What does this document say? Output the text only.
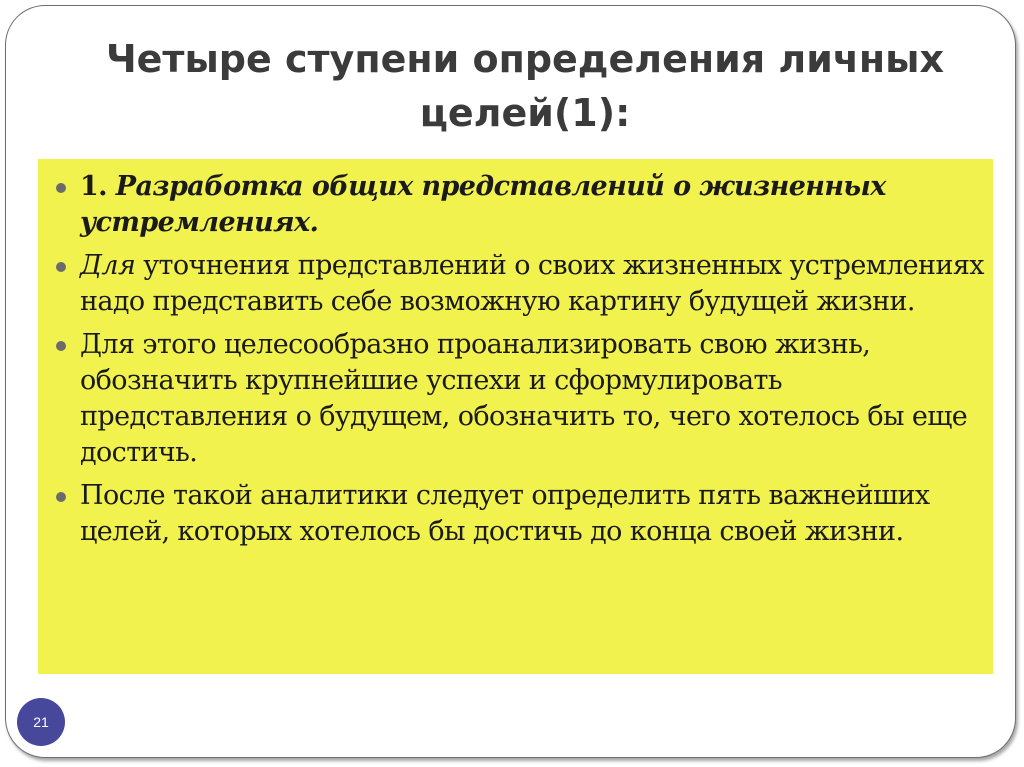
Четыре ступени определения личных целей(1):
1. Разработка общих представлений о жизненных устремлениях.
Для уточнения представлений о своих жизненных устремлениях надо представить себе возможную картину будущей жизни.
Для этого целесообразно проанализировать свою жизнь, обозначить крупнейшие успехи и сформулировать представления о будущем, обозначить то, чего хотелось бы еще достичь.
После такой аналитики следует определить пять важнейших целей, которых хотелось бы достичь до конца своей жизни.
21
